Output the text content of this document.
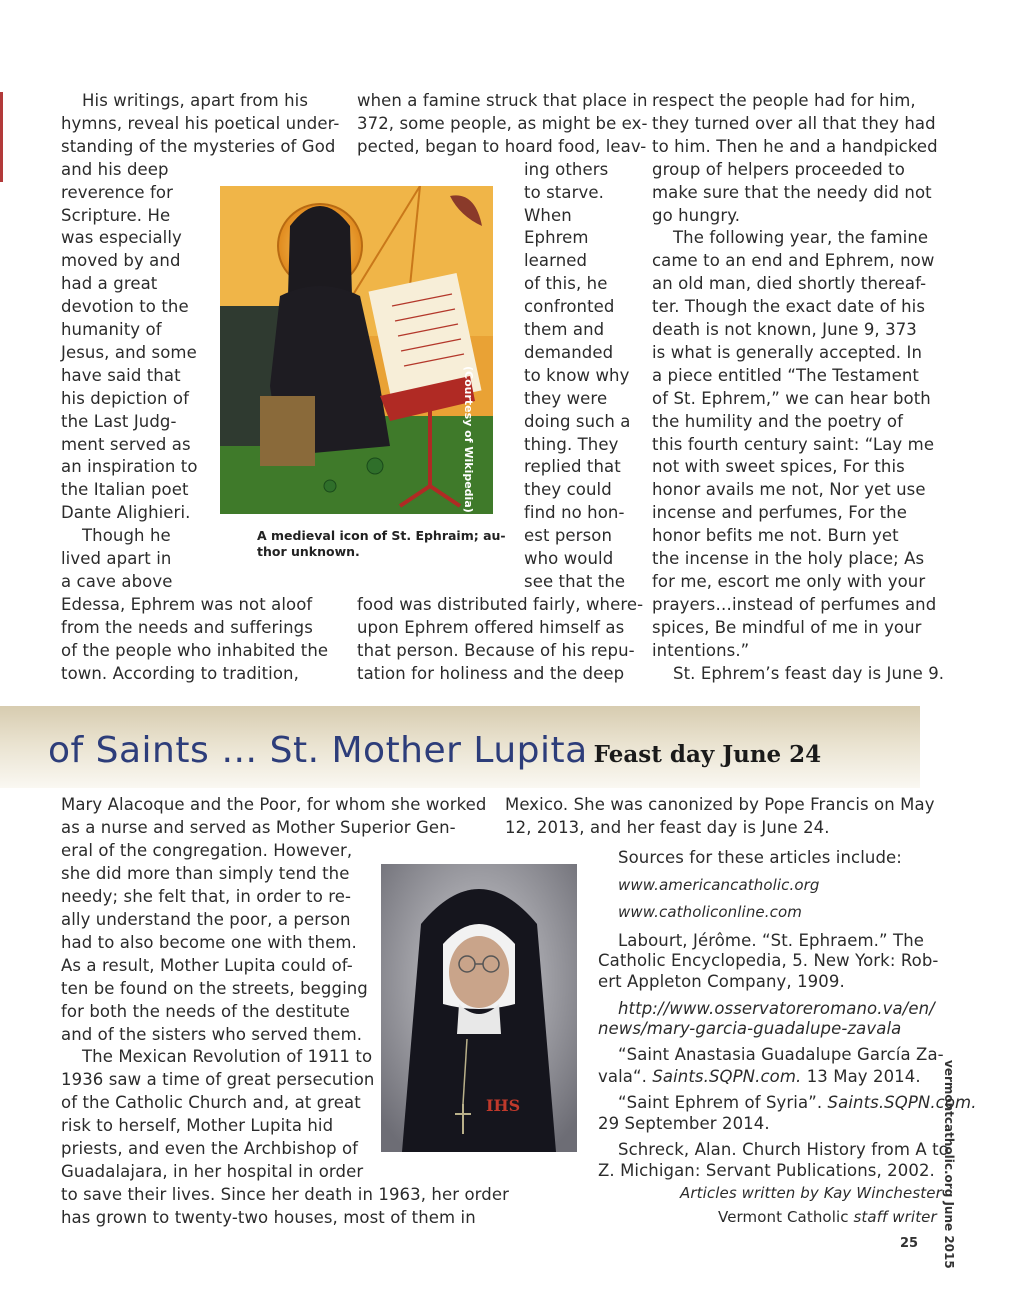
His writings, apart from his
hymns, reveal his poetical under-
standing of the mysteries of God
and his deep
reverence for
Scripture. He
was especially
moved by and
had a great
devotion to the
humanity of
Jesus, and some
have said that
his depiction of
the Last Judg-
ment served as
an inspiration to
the Italian poet
Dante Alighieri.
Though he
lived apart in
a cave above
Edessa, Ephrem was not aloof
from the needs and sufferings
of the people who inhabited the
town. According to tradition,
when a famine struck that place in
372, some people, as might be ex-
pected, began to hoard food, leav-
ing others
to starve.
When
Ephrem
learned
of this, he
confronted
them and
demanded
to know why
they were
doing such a
thing. They
replied that
they could
find no hon-
est person
who would
see that the
food was distributed fairly, where-
upon Ephrem offered himself as
that person. Because of his repu-
tation for holiness and the deep
respect the people had for him,
they turned over all that they had
to him. Then he and a handpicked
group of helpers proceeded to
make sure that the needy did not
go hungry.
The following year, the famine
came to an end and Ephrem, now
an old man, died shortly thereaf-
ter. Though the exact date of his
death is not known, June 9, 373
is what is generally accepted. In
a piece entitled “The Testament
of St. Ephrem,” we can hear both
the humility and the poetry of
this fourth century saint: “Lay me
not with sweet spices, For this
honor avails me not, Nor yet use
incense and perfumes, For the
honor befits me not. Burn yet
the incense in the holy place; As
for me, escort me only with your
prayers…instead of perfumes and
spices, Be mindful of me in your
intentions.”
St. Ephrem’s feast day is June 9.
(Courtesy of Wikipedia)
A medieval icon of St. Ephraim; au-
thor unknown.
of Saints … St. Mother Lupita Feast day June 24
Mary Alacoque and the Poor, for whom she worked
as a nurse and served as Mother Superior Gen-
eral of the congregation. However,
she did more than simply tend the
needy; she felt that, in order to re-
ally understand the poor, a person
had to also become one with them.
As a result, Mother Lupita could of-
ten be found on the streets, begging
for both the needs of the destitute
and of the sisters who served them.
The Mexican Revolution of 1911 to
1936 saw a time of great persecution
of the Catholic Church and, at great
risk to herself, Mother Lupita hid
priests, and even the Archbishop of
Guadalajara, in her hospital in order
to save their lives. Since her death in 1963, her order
has grown to twenty-two houses, most of them in
Mexico. She was canonized by Pope Francis on May
12, 2013, and her feast day is June 24.
IHS
Sources for these articles include:
www.americancatholic.org
www.catholiconline.com
Labourt, Jérôme. “St. Ephraem.” The
Catholic Encyclopedia, 5. New York: Rob-
ert Appleton Company, 1909.
http://www.osservatoreromano.va/en/
news/mary-garcia-guadalupe-zavala
“Saint Anastasia Guadalupe García Za-
vala“. Saints.SQPN.com. 13 May 2014.
“Saint Ephrem of Syria”. Saints.SQPN.com.
29 September 2014.
Schreck, Alan. Church History from A to
Z. Michigan: Servant Publications, 2002.
Articles written by Kay Winchester
Vermont Catholic staff writer vermontcatholic.org June 2015
25
